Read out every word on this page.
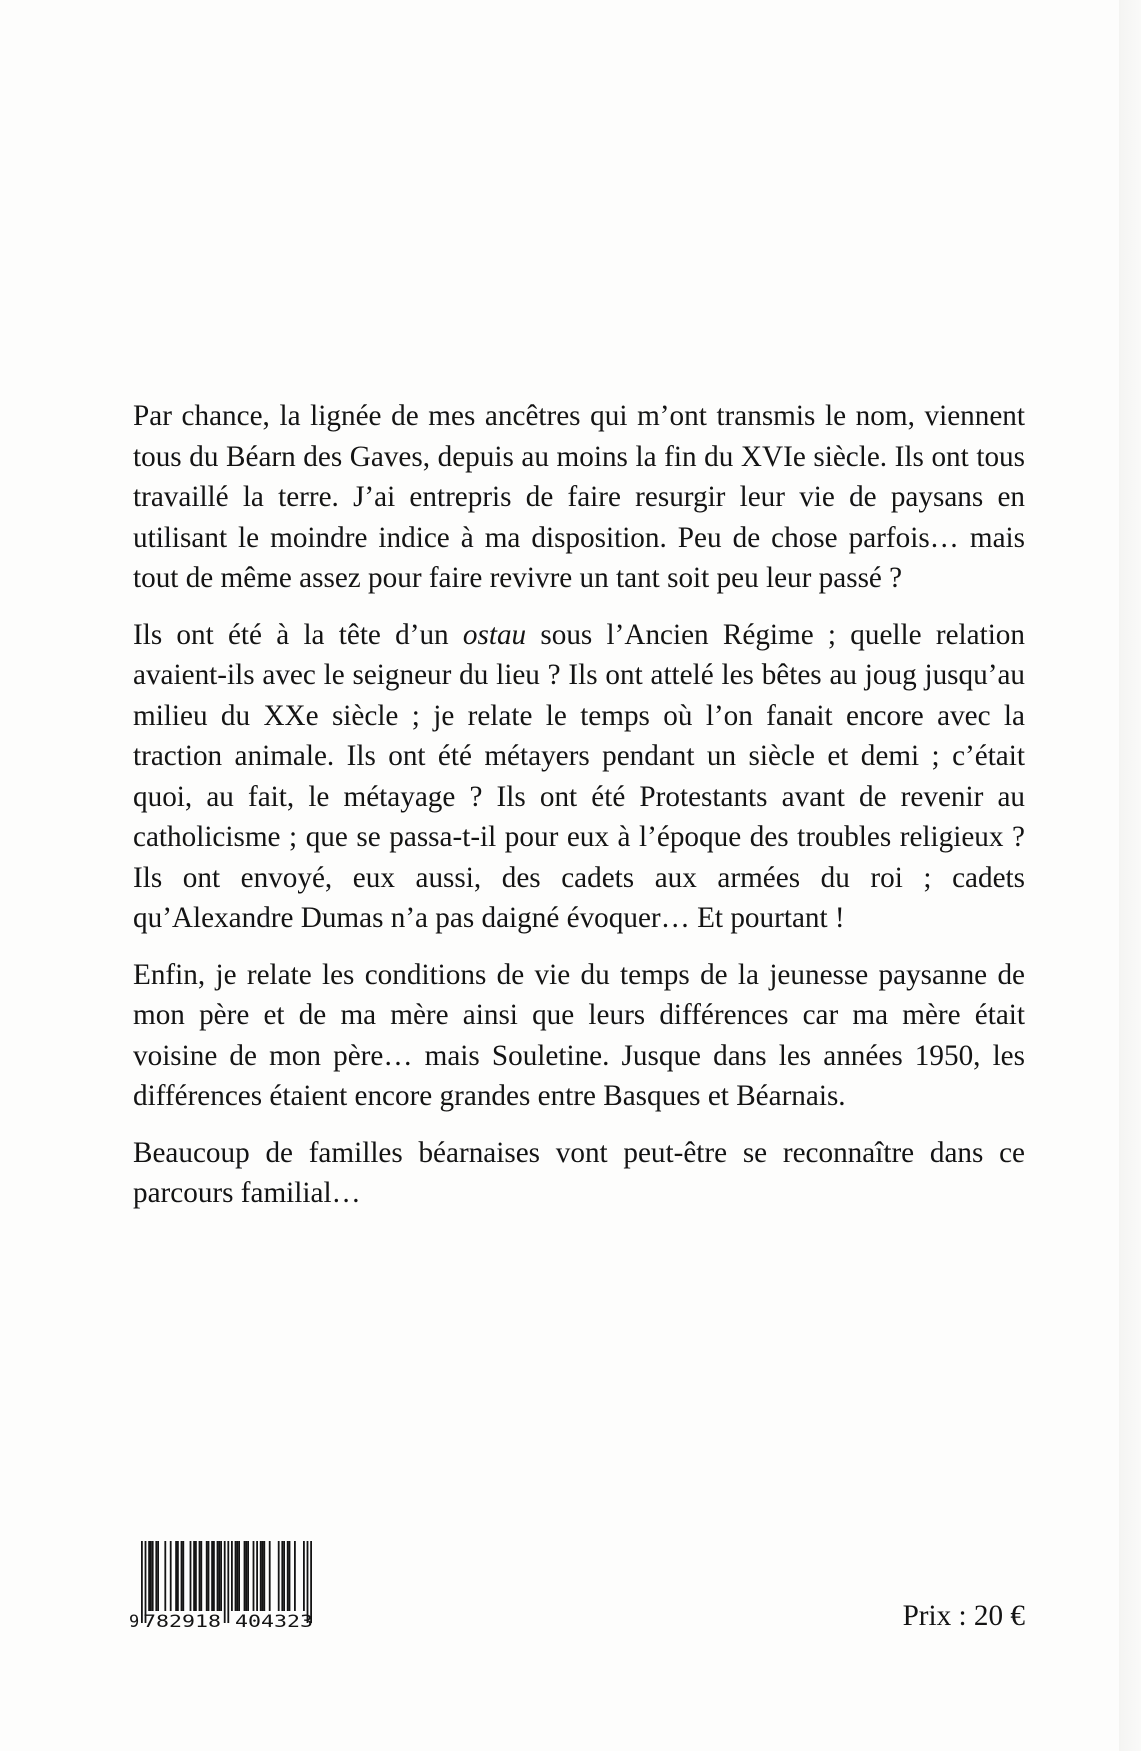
Par chance, la lignée de mes ancêtres qui m’ont transmis le nom, viennent tous du Béarn des Gaves, depuis au moins la fin du XVIe siècle. Ils ont tous travaillé la terre. J’ai entrepris de faire resurgir leur vie de paysans en utilisant le moindre indice à ma disposition. Peu de chose parfois… mais tout de même assez pour faire revivre un tant soit peu leur passé ?

Ils ont été à la tête d’un ostau sous l’Ancien Régime ; quelle relation avaient-ils avec le seigneur du lieu ? Ils ont attelé les bêtes au joug jusqu’au milieu du XXe siècle ; je relate le temps où l’on fanait encore avec la traction animale. Ils ont été métayers pendant un siècle et demi ; c’était quoi, au fait, le métayage ? Ils ont été Protestants avant de revenir au catholicisme ; que se passa-t-il pour eux à l’époque des troubles religieux ? Ils ont envoyé, eux aussi, des cadets aux armées du roi ; cadets qu’Alexandre Dumas n’a pas daigné évoquer… Et pourtant !

Enfin, je relate les conditions de vie du temps de la jeunesse paysanne de mon père et de ma mère ainsi que leurs différences car ma mère était voisine de mon père… mais Souletine. Jusque dans les années 1950, les différences étaient encore grandes entre Basques et Béarnais.

Beaucoup de familles béarnaises vont peut-être se reconnaître dans ce parcours familial…

9 782918 404323	Prix : 20 €
